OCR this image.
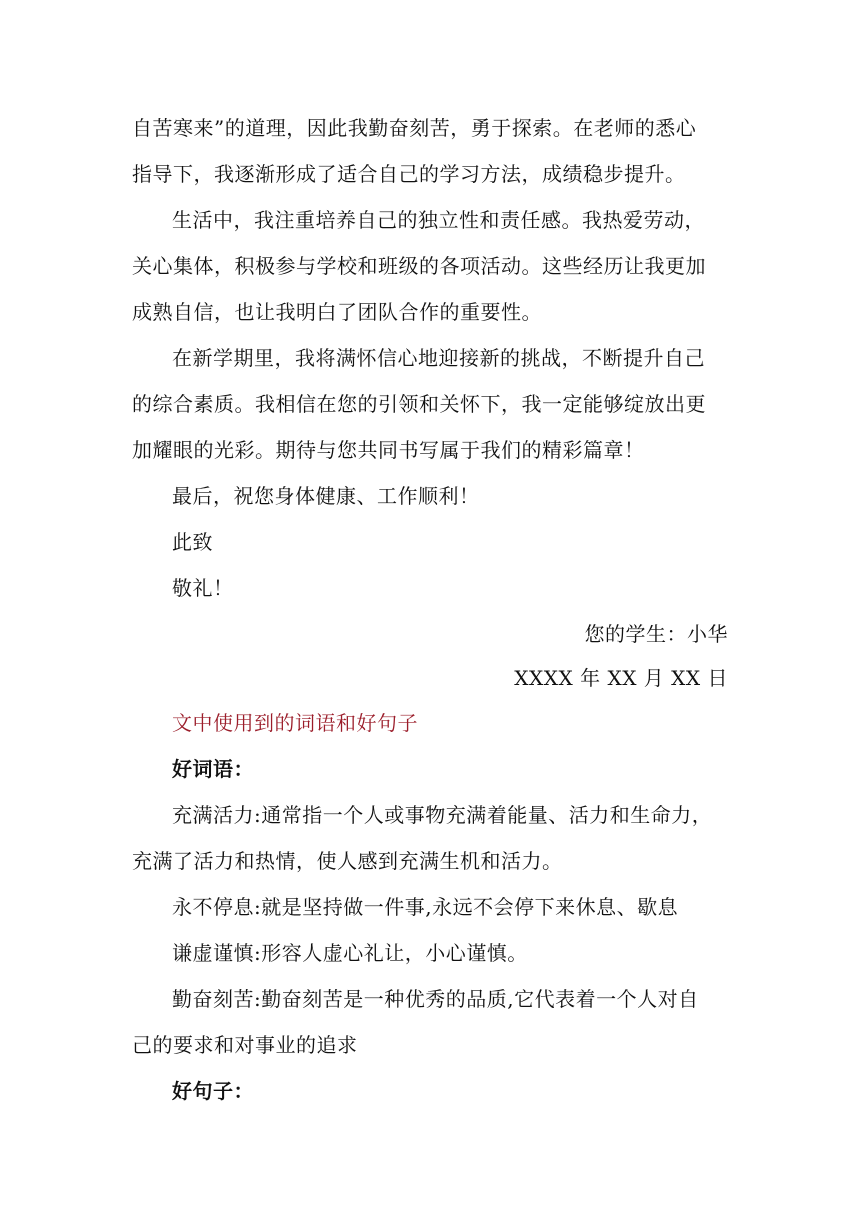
自苦寒来”的道理，因此我勤奋刻苦，勇于探索。在老师的悉心
指导下，我逐渐形成了适合自己的学习方法，成绩稳步提升。
生活中，我注重培养自己的独立性和责任感。我热爱劳动，
关心集体，积极参与学校和班级的各项活动。这些经历让我更加
成熟自信，也让我明白了团队合作的重要性。
在新学期里，我将满怀信心地迎接新的挑战，不断提升自己
的综合素质。我相信在您的引领和关怀下，我一定能够绽放出更
加耀眼的光彩。期待与您共同书写属于我们的精彩篇章！
最后，祝您身体健康、工作顺利！
此致
敬礼！
您的学生：小华
XXXX 年 XX 月 XX 日
文中使用到的词语和好句子
好词语：
充满活力:通常指一个人或事物充满着能量、活力和生命力，
充满了活力和热情，使人感到充满生机和活力。
永不停息:就是坚持做一件事,永远不会停下来休息、歇息
谦虚谨慎:形容人虚心礼让，小心谨慎。
勤奋刻苦:勤奋刻苦是一种优秀的品质,它代表着一个人对自
己的要求和对事业的追求
好句子：
